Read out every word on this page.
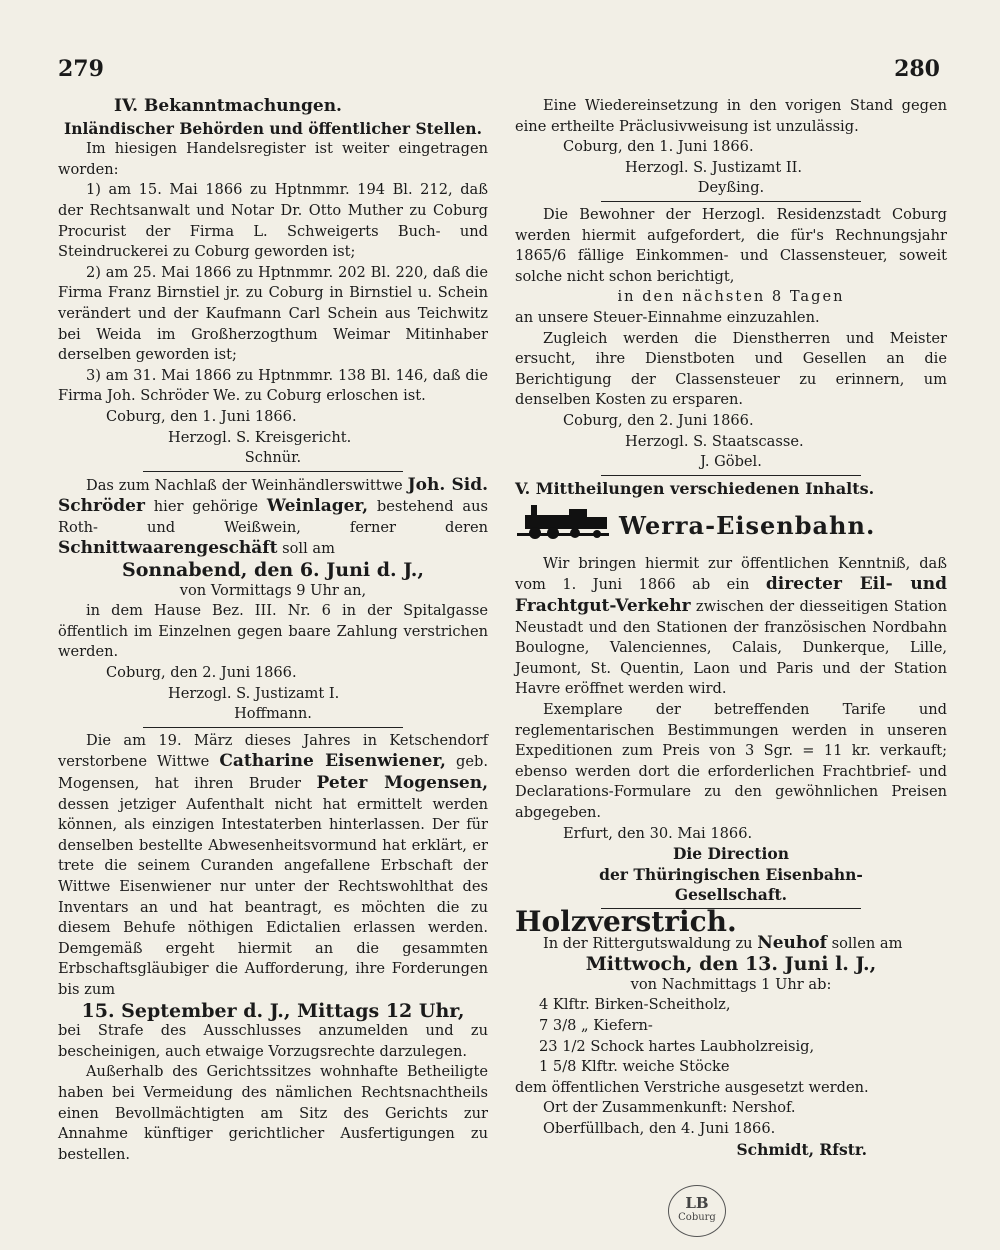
279	280

IV. Bekanntmachungen.

Inländischer Behörden und öffentlicher Stellen.

Im hiesigen Handelsregister ist weiter eingetragen worden:

1) am 15. Mai 1866 zu Hptnmmr. 194 Bl. 212, daß der Rechtsanwalt und Notar Dr. Otto Muther zu Coburg Procurist der Firma L. Schweigerts Buch- und Steindruckerei zu Coburg geworden ist;

2) am 25. Mai 1866 zu Hptnmmr. 202 Bl. 220, daß die Firma Franz Birnstiel jr. zu Coburg in Birnstiel u. Schein verändert und der Kaufmann Carl Schein aus Teichwitz bei Weida im Großherzogthum Weimar Mitinhaber derselben geworden ist;

3) am 31. Mai 1866 zu Hptnmmr. 138 Bl. 146, daß die Firma Joh. Schröder We. zu Coburg erloschen ist.

Coburg, den 1. Juni 1866.

Herzogl. S. Kreisgericht.

Schnür.

Das zum Nachlaß der Weinhändlerswittwe Joh. Sid. Schröder hier gehörige Weinlager, bestehend aus Roth- und Weißwein, ferner deren Schnittwaarengeschäft soll am

Sonnabend, den 6. Juni d. J.,

von Vormittags 9 Uhr an,

in dem Hause Bez. III. Nr. 6 in der Spitalgasse öffentlich im Einzelnen gegen baare Zahlung verstrichen werden.

Coburg, den 2. Juni 1866.

Herzogl. S. Justizamt I.

Hoffmann.

Die am 19. März dieses Jahres in Ketschendorf verstorbene Wittwe Catharine Eisenwiener, geb. Mogensen, hat ihren Bruder Peter Mogensen, dessen jetziger Aufenthalt nicht hat ermittelt werden können, als einzigen Intestaterben hinterlassen. Der für denselben bestellte Abwesenheitsvormund hat erklärt, er trete die seinem Curanden angefallene Erbschaft der Wittwe Eisenwiener nur unter der Rechtswohlthat des Inventars an und hat beantragt, es möchten die zu diesem Behufe nöthigen Edictalien erlassen werden. Demgemäß ergeht hiermit an die gesammten Erbschaftsgläubiger die Aufforderung, ihre Forderungen bis zum

15. September d. J., Mittags 12 Uhr,

bei Strafe des Ausschlusses anzumelden und zu bescheinigen, auch etwaige Vorzugsrechte darzulegen.

Außerhalb des Gerichtssitzes wohnhafte Betheiligte haben bei Vermeidung des nämlichen Rechtsnachtheils einen Bevollmächtigten am Sitz des Gerichts zur Annahme künftiger gerichtlicher Ausfertigungen zu bestellen.

Eine Wiedereinsetzung in den vorigen Stand gegen eine ertheilte Präclusivweisung ist unzulässig.

Coburg, den 1. Juni 1866.

Herzogl. S. Justizamt II.

Deyßing.

Die Bewohner der Herzogl. Residenzstadt Coburg werden hiermit aufgefordert, die für's Rechnungsjahr 1865/6 fällige Einkommen- und Classensteuer, soweit solche nicht schon berichtigt,

in den nächsten 8 Tagen

an unsere Steuer-Einnahme einzuzahlen.

Zugleich werden die Dienstherren und Meister ersucht, ihre Dienstboten und Gesellen an die Berichtigung der Classensteuer zu erinnern, um denselben Kosten zu ersparen.

Coburg, den 2. Juni 1866.

Herzogl. S. Staatscasse.

J. Göbel.

V. Mittheilungen verschiedenen Inhalts.

Werra-Eisenbahn.

Wir bringen hiermit zur öffentlichen Kenntniß, daß vom 1. Juni 1866 ab ein directer Eil- und Frachtgut-Verkehr zwischen der diesseitigen Station Neustadt und den Stationen der französischen Nordbahn Boulogne, Valenciennes, Calais, Dunkerque, Lille, Jeumont, St. Quentin, Laon und Paris und der Station Havre eröffnet werden wird.

Exemplare der betreffenden Tarife und reglementarischen Bestimmungen werden in unseren Expeditionen zum Preis von 3 Sgr. = 11 kr. verkauft; ebenso werden dort die erforderlichen Frachtbrief- und Declarations-Formulare zu den gewöhnlichen Preisen abgegeben.

Erfurt, den 30. Mai 1866.

Die Direction

der Thüringischen Eisenbahn-

Gesellschaft.

Holzverstrich.

In der Rittergutswaldung zu Neuhof sollen am

Mittwoch, den 13. Juni l. J.,

von Nachmittags 1 Uhr ab:

4 Klftr. Birken-Scheitholz,

7 3/8 „ Kiefern-

23 1/2 Schock hartes Laubholzreisig,

1 5/8 Klftr. weiche Stöcke

dem öffentlichen Verstriche ausgesetzt werden.

Ort der Zusammenkunft: Nershof.

Oberfüllbach, den 4. Juni 1866.

Schmidt, Rfstr.

LB
Coburg
